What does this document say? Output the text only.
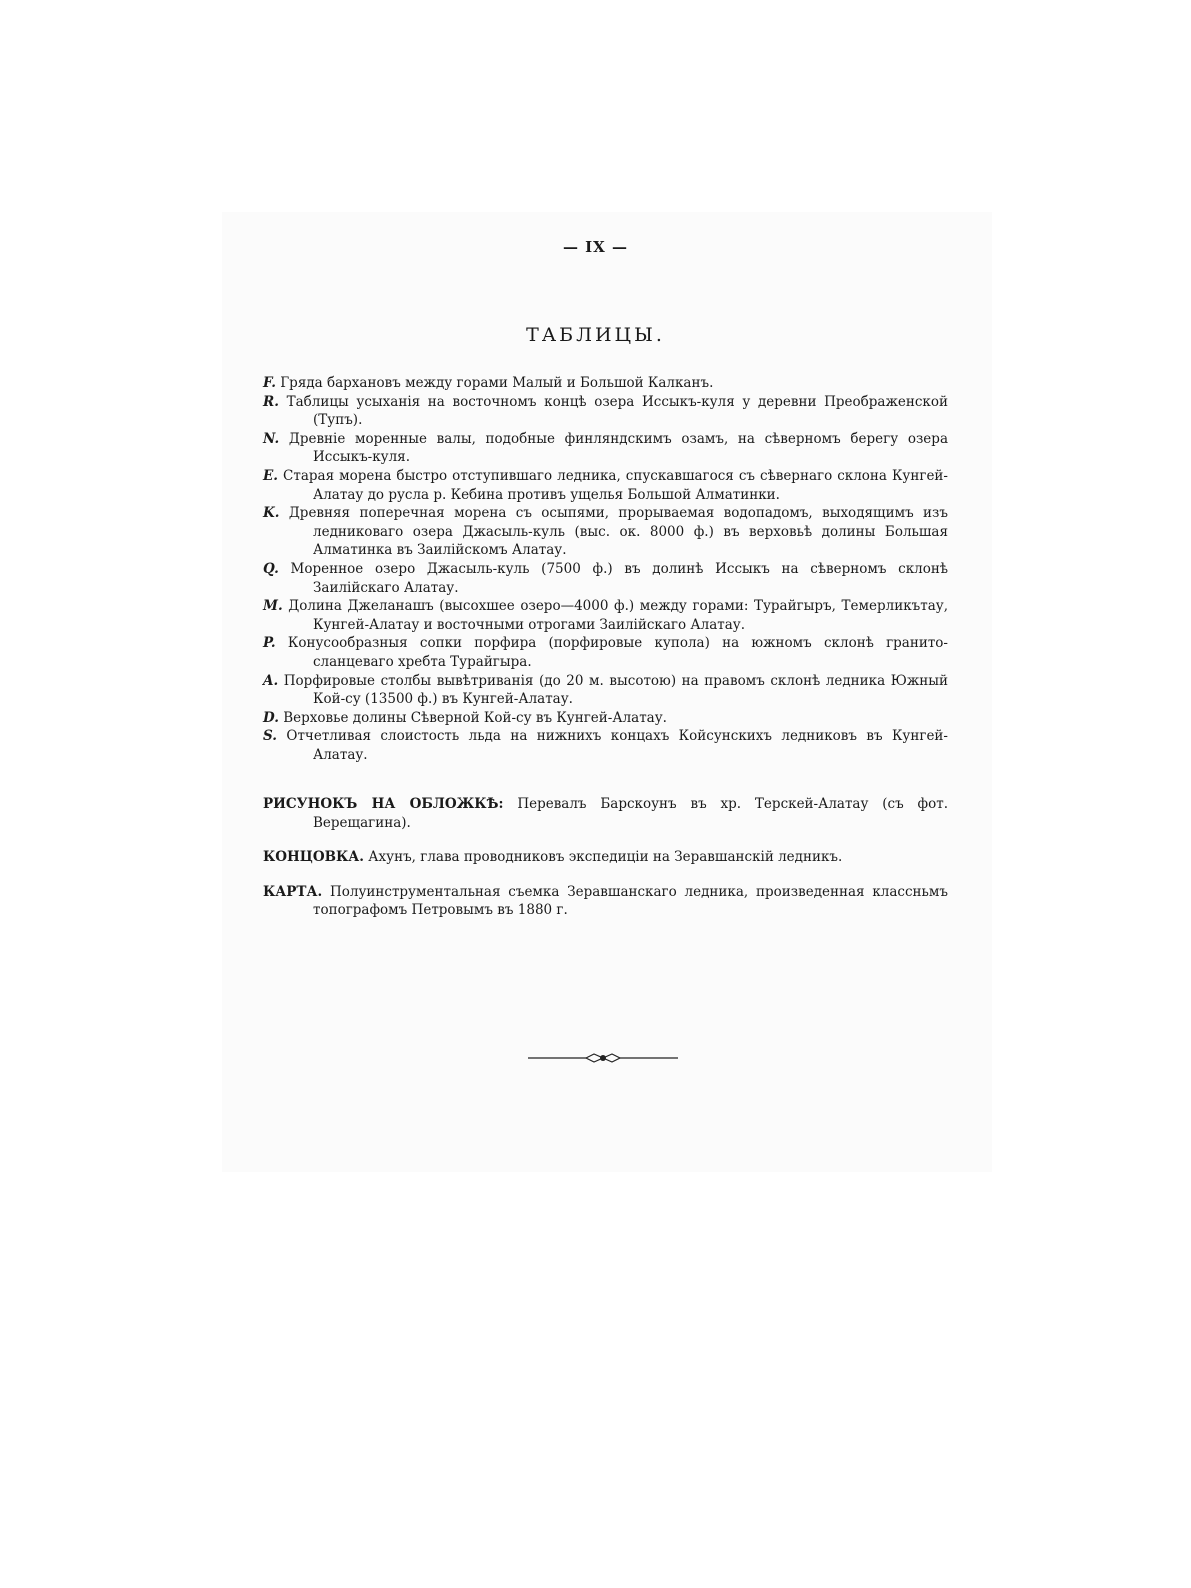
— IX —
ТАБЛИЦЫ.
F. Гряда бархановъ между горами Малый и Большой Калканъ.
R. Таблицы усыханія на восточномъ концѣ озера Иссыкъ-куля у деревни Преображенской (Тупъ).
N. Древніе моренные валы, подобные финляндскимъ озамъ, на сѣверномъ берегу озера Иссыкъ-куля.
E. Старая морена быстро отступившаго ледника, спускавшагося съ сѣвернаго склона Кунгей-Алатау до русла р. Кебина противъ ущелья Большой Алматинки.
K. Древняя поперечная морена съ осыпями, прорываемая водопадомъ, выходящимъ изъ ледниковаго озера Джасыль-куль (выс. ок. 8000 ф.) въ верховьѣ долины Большая Алматинка въ Заилійскомъ Алатау.
Q. Моренное озеро Джасыль-куль (7500 ф.) въ долинѣ Иссыкъ на сѣверномъ склонѣ Заилійскаго Алатау.
M. Долина Джеланашъ (высохшее озеро—4000 ф.) между горами: Турайгыръ, Темерликътау, Кунгей-Алатау и восточными отрогами Заилійскаго Алатау.
P. Конусообразныя сопки порфира (порфировые купола) на южномъ склонѣ гранито-сланцеваго хребта Турайгыра.
A. Порфировые столбы вывѣтриванія (до 20 м. высотою) на правомъ склонѣ ледника Южный Кой-су (13500 ф.) въ Кунгей-Алатау.
D. Верховье долины Сѣверной Кой-су въ Кунгей-Алатау.
S. Отчетливая слоистость льда на нижнихъ концахъ Койсунскихъ ледниковъ въ Кунгей-Алатау.

РИСУНОКЪ НА ОБЛОЖКѢ: Перевалъ Барскоунъ въ хр. Терскей-Алатау (съ фот. Верещагина).

КОНЦОВКА. Ахунъ, глава проводниковъ экспедиціи на Зеравшанскій ледникъ.

КАРТА. Полуинструментальная съемка Зеравшанскаго ледника, произведенная классньмъ топографомъ Петровымъ въ 1880 г.
